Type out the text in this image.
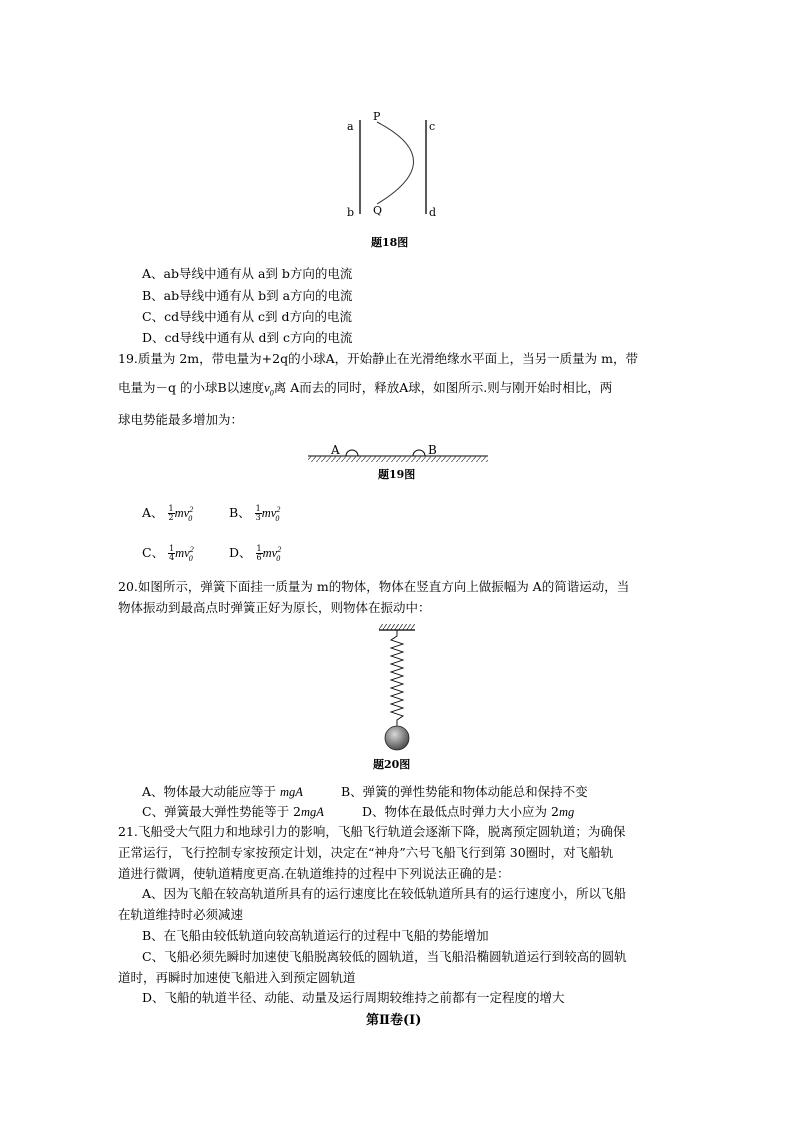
a
b
c
d
P
Q
题18图
A、ab导线中通有从 a到 b方向的电流
B、ab导线中通有从 b到 a方向的电流
C、cd导线中通有从 c到 d方向的电流
D、cd导线中通有从 d到 c方向的电流
19.质量为 2m，带电量为+2q的小球A，开始静止在光滑绝缘水平面上，当另一质量为 m，带
电量为－q 的小球B以速度$v_0$离 A而去的同时，释放A球，如图所示.则与刚开始时相比，两
球电势能最多增加为：
A	B
题19图
A、 $\frac{1}{2} mv^2_0$	B、 $\frac{1}{3} mv^2_0$
C、 $\frac{1}{4} mv^2_0$	D、 $\frac{1}{6} mv^2_0$
20.如图所示，弹簧下面挂一质量为 m的物体，物体在竖直方向上做振幅为 A的简谐运动，当
物体振动到最高点时弹簧正好为原长，则物体在振动中：
题20图
A、物体最大动能应等于 mgA	B、弹簧的弹性势能和物体动能总和保持不变
C、弹簧最大弹性势能等于 2mgA	D、物体在最低点时弹力大小应为 2mg
21.飞船受大气阻力和地球引力的影响，飞船飞行轨道会逐渐下降，脱离预定圆轨道；为确保
正常运行，飞行控制专家按预定计划，决定在“神舟”六号飞船飞行到第 30圈时，对飞船轨
道进行微调，使轨道精度更高.在轨道维持的过程中下列说法正确的是：
A、因为飞船在较高轨道所具有的运行速度比在较低轨道所具有的运行速度小，所以飞船
在轨道维持时必须减速
B、在飞船由较低轨道向较高轨道运行的过程中飞船的势能增加
C、飞船必须先瞬时加速使飞船脱离较低的圆轨道，当飞船沿椭圆轨道运行到较高的圆轨
道时，再瞬时加速使飞船进入到预定圆轨道
D、飞船的轨道半径、动能、动量及运行周期较维持之前都有一定程度的增大
第Ⅱ卷(Ⅰ)
